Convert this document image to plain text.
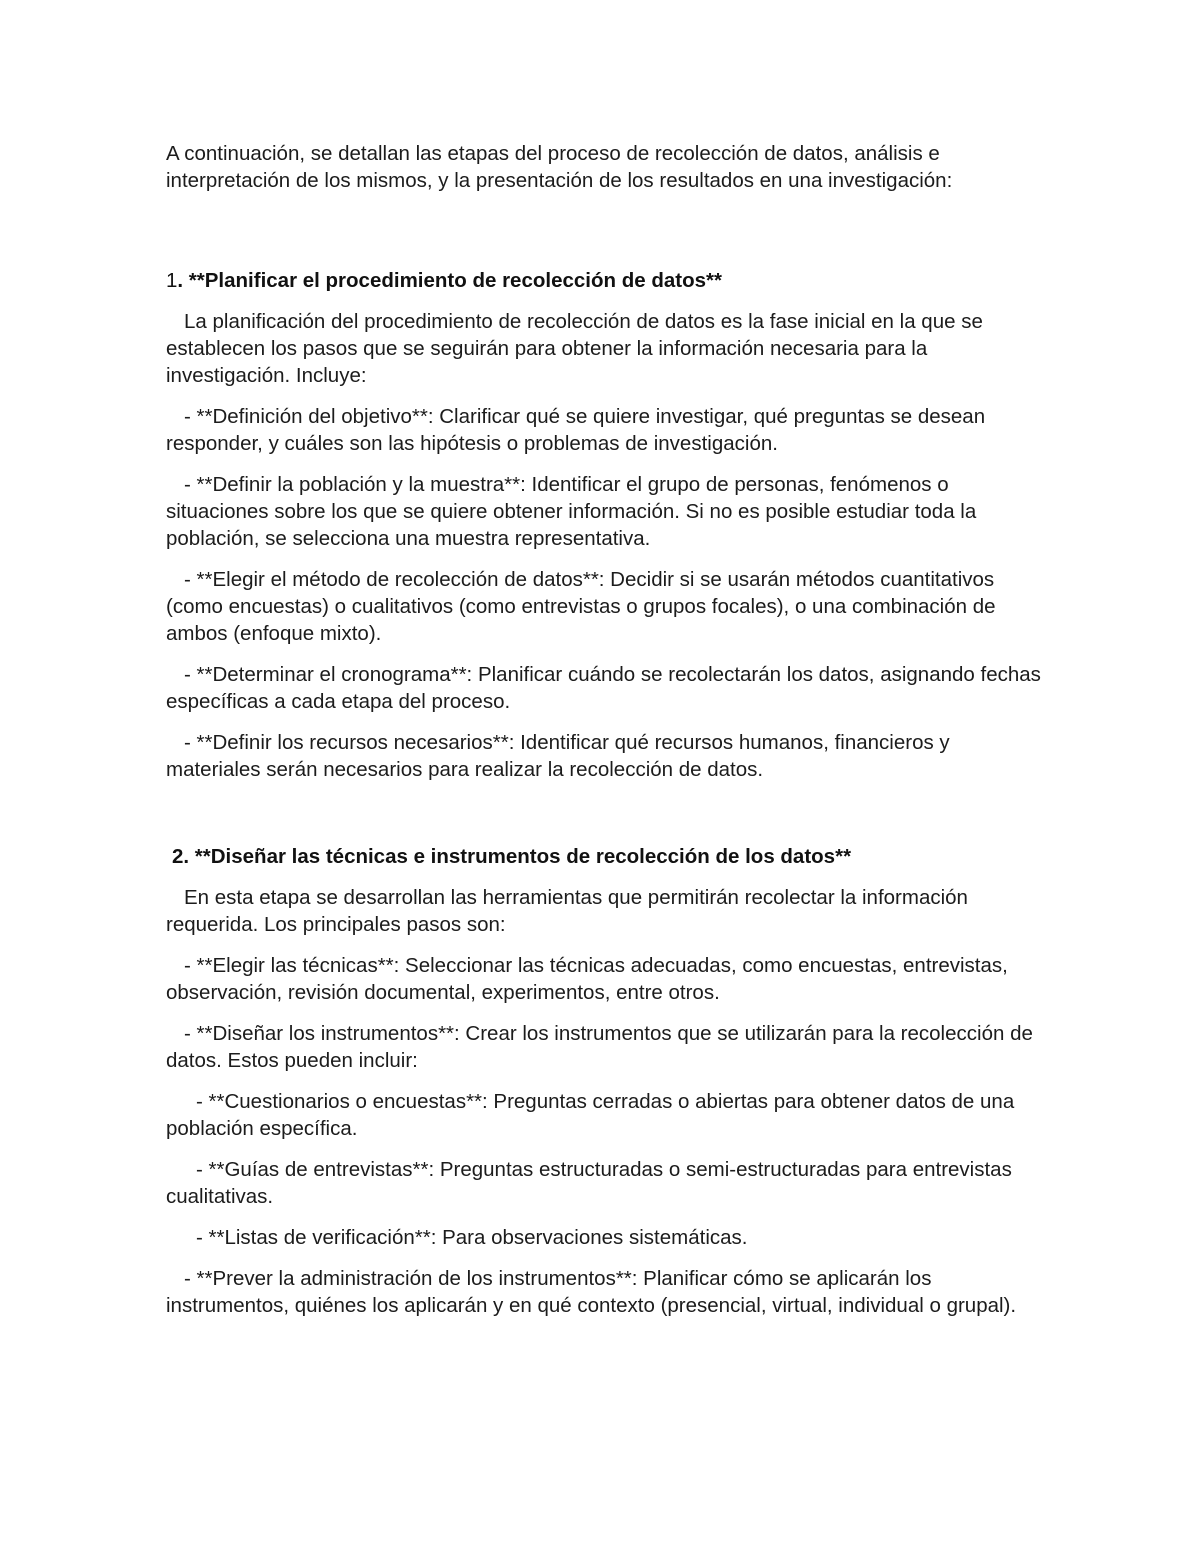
A continuación, se detallan las etapas del proceso de recolección de datos, análisis e interpretación de los mismos, y la presentación de los resultados en una investigación:

1. **Planificar el procedimiento de recolección de datos**

La planificación del procedimiento de recolección de datos es la fase inicial en la que se establecen los pasos que se seguirán para obtener la información necesaria para la investigación. Incluye:

- **Definición del objetivo**: Clarificar qué se quiere investigar, qué preguntas se desean responder, y cuáles son las hipótesis o problemas de investigación.

- **Definir la población y la muestra**: Identificar el grupo de personas, fenómenos o situaciones sobre los que se quiere obtener información. Si no es posible estudiar toda la población, se selecciona una muestra representativa.

- **Elegir el método de recolección de datos**: Decidir si se usarán métodos cuantitativos (como encuestas) o cualitativos (como entrevistas o grupos focales), o una combinación de ambos (enfoque mixto).

- **Determinar el cronograma**: Planificar cuándo se recolectarán los datos, asignando fechas específicas a cada etapa del proceso.

- **Definir los recursos necesarios**: Identificar qué recursos humanos, financieros y materiales serán necesarios para realizar la recolección de datos.

2. **Diseñar las técnicas e instrumentos de recolección de los datos**

En esta etapa se desarrollan las herramientas que permitirán recolectar la información requerida. Los principales pasos son:

- **Elegir las técnicas**: Seleccionar las técnicas adecuadas, como encuestas, entrevistas, observación, revisión documental, experimentos, entre otros.

- **Diseñar los instrumentos**: Crear los instrumentos que se utilizarán para la recolección de datos. Estos pueden incluir:

- **Cuestionarios o encuestas**: Preguntas cerradas o abiertas para obtener datos de una población específica.

- **Guías de entrevistas**: Preguntas estructuradas o semi-estructuradas para entrevistas cualitativas.

- **Listas de verificación**: Para observaciones sistemáticas.

- **Prever la administración de los instrumentos**: Planificar cómo se aplicarán los instrumentos, quiénes los aplicarán y en qué contexto (presencial, virtual, individual o grupal).
